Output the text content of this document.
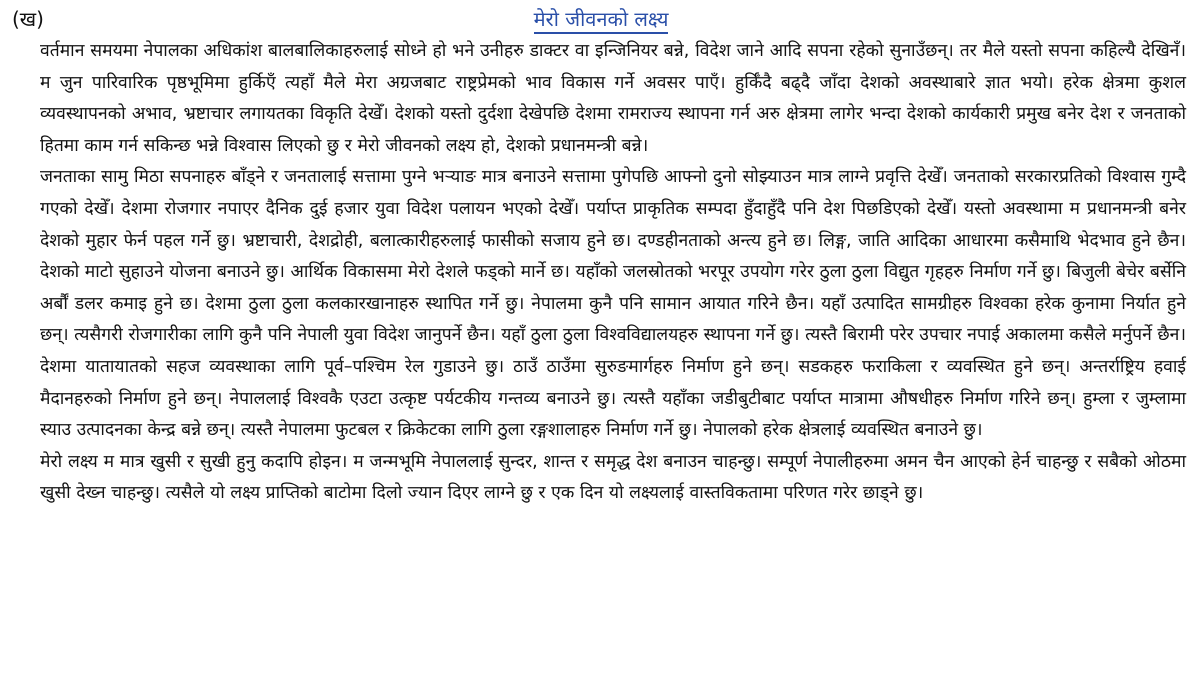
(ख)	मेरो जीवनको लक्ष्य

वर्तमान समयमा नेपालका अधिकांश बालबालिकाहरुलाई सोध्ने हो भने उनीहरु डाक्टर वा इन्जिनियर बन्ने, विदेश जाने आदि सपना रहेको सुनाउँछन्। तर मैले यस्तो सपना कहिल्यै देखिनँ। म जुन पारिवारिक पृष्ठभूमिमा हुर्किएँ त्यहाँ मैले मेरा अग्रजबाट राष्ट्रप्रेमको भाव विकास गर्ने अवसर पाएँ। हुर्किँदै बढ्दै जाँदा देशको अवस्थाबारे ज्ञात भयो। हरेक क्षेत्रमा कुशल व्यवस्थापनको अभाव, भ्रष्टाचार लगायतका विकृति देखेँ। देशको यस्तो दुर्दशा देखेपछि देशमा रामराज्य स्थापना गर्न अरु क्षेत्रमा लागेर भन्दा देशको कार्यकारी प्रमुख बनेर देश र जनताको हितमा काम गर्न सकिन्छ भन्ने विश्वास लिएको छु र मेरो जीवनको लक्ष्य हो, देशको प्रधानमन्त्री बन्ने।

जनताका सामु मिठा सपनाहरु बाँड्ने र जनतालाई सत्तामा पुग्ने भऱ्याङ मात्र बनाउने सत्तामा पुगेपछि आफ्नो दुनो सोझ्याउन मात्र लाग्ने प्रवृत्ति देखेँ। जनताको सरकारप्रतिको विश्वास गुम्दै गएको देखेँ। देशमा रोजगार नपाएर दैनिक दुई हजार युवा विदेश पलायन भएको देखेँ। पर्याप्त प्राकृतिक सम्पदा हुँदाहुँदै पनि देश पिछडिएको देखेँ। यस्तो अवस्थामा म प्रधानमन्त्री बनेर देशको मुहार फेर्न पहल गर्ने छु। भ्रष्टाचारी, देशद्रोही, बलात्कारीहरुलाई फासीको सजाय हुने छ। दण्डहीनताको अन्त्य हुने छ। लिङ्ग, जाति आदिका आधारमा कसैमाथि भेदभाव हुने छैन। देशको माटो सुहाउने योजना बनाउने छु। आर्थिक विकासमा मेरो देशले फड्को मार्ने छ। यहाँको जलस्रोतको भरपूर उपयोग गरेर ठुला ठुला विद्युत गृहहरु निर्माण गर्ने छु। बिजुली बेचेर बर्सेनि अर्बौं डलर कमाइ हुने छ। देशमा ठुला ठुला कलकारखानाहरु स्थापित गर्ने छु। नेपालमा कुनै पनि सामान आयात गरिने छैन। यहाँ उत्पादित सामग्रीहरु विश्वका हरेक कुनामा निर्यात हुने छन्। त्यसैगरी रोजगारीका लागि कुनै पनि नेपाली युवा विदेश जानुपर्ने छैन। यहाँ ठुला ठुला विश्वविद्यालयहरु स्थापना गर्ने छु। त्यस्तै बिरामी परेर उपचार नपाई अकालमा कसैले मर्नुपर्ने छैन। देशमा यातायातको सहज व्यवस्थाका लागि पूर्व–पश्चिम रेल गुडाउने छु। ठाउँ ठाउँमा सुरुङमार्गहरु निर्माण हुने छन्। सडकहरु फराकिला र व्यवस्थित हुने छन्। अन्तर्राष्ट्रिय हवाई मैदानहरुको निर्माण हुने छन्। नेपाललाई विश्वकै एउटा उत्कृष्ट पर्यटकीय गन्तव्य बनाउने छु। त्यस्तै यहाँका जडीबुटीबाट पर्याप्त मात्रामा औषधीहरु निर्माण गरिने छन्। हुम्ला र जुम्लामा स्याउ उत्पादनका केन्द्र बन्ने छन्। त्यस्तै नेपालमा फुटबल र क्रिकेटका लागि ठुला रङ्गशालाहरु निर्माण गर्ने छु। नेपालको हरेक क्षेत्रलाई व्यवस्थित बनाउने छु।

मेरो लक्ष्य म मात्र खुसी र सुखी हुनु कदापि होइन। म जन्मभूमि नेपाललाई सुन्दर, शान्त र समृद्ध देश बनाउन चाहन्छु। सम्पूर्ण नेपालीहरुमा अमन चैन आएको हेर्न चाहन्छु र सबैको ओठमा खुसी देख्न चाहन्छु। त्यसैले यो लक्ष्य प्राप्तिको बाटोमा दिलो ज्यान दिएर लाग्ने छु र एक दिन यो लक्ष्यलाई वास्तविकतामा परिणत गरेर छाड्ने छु।
